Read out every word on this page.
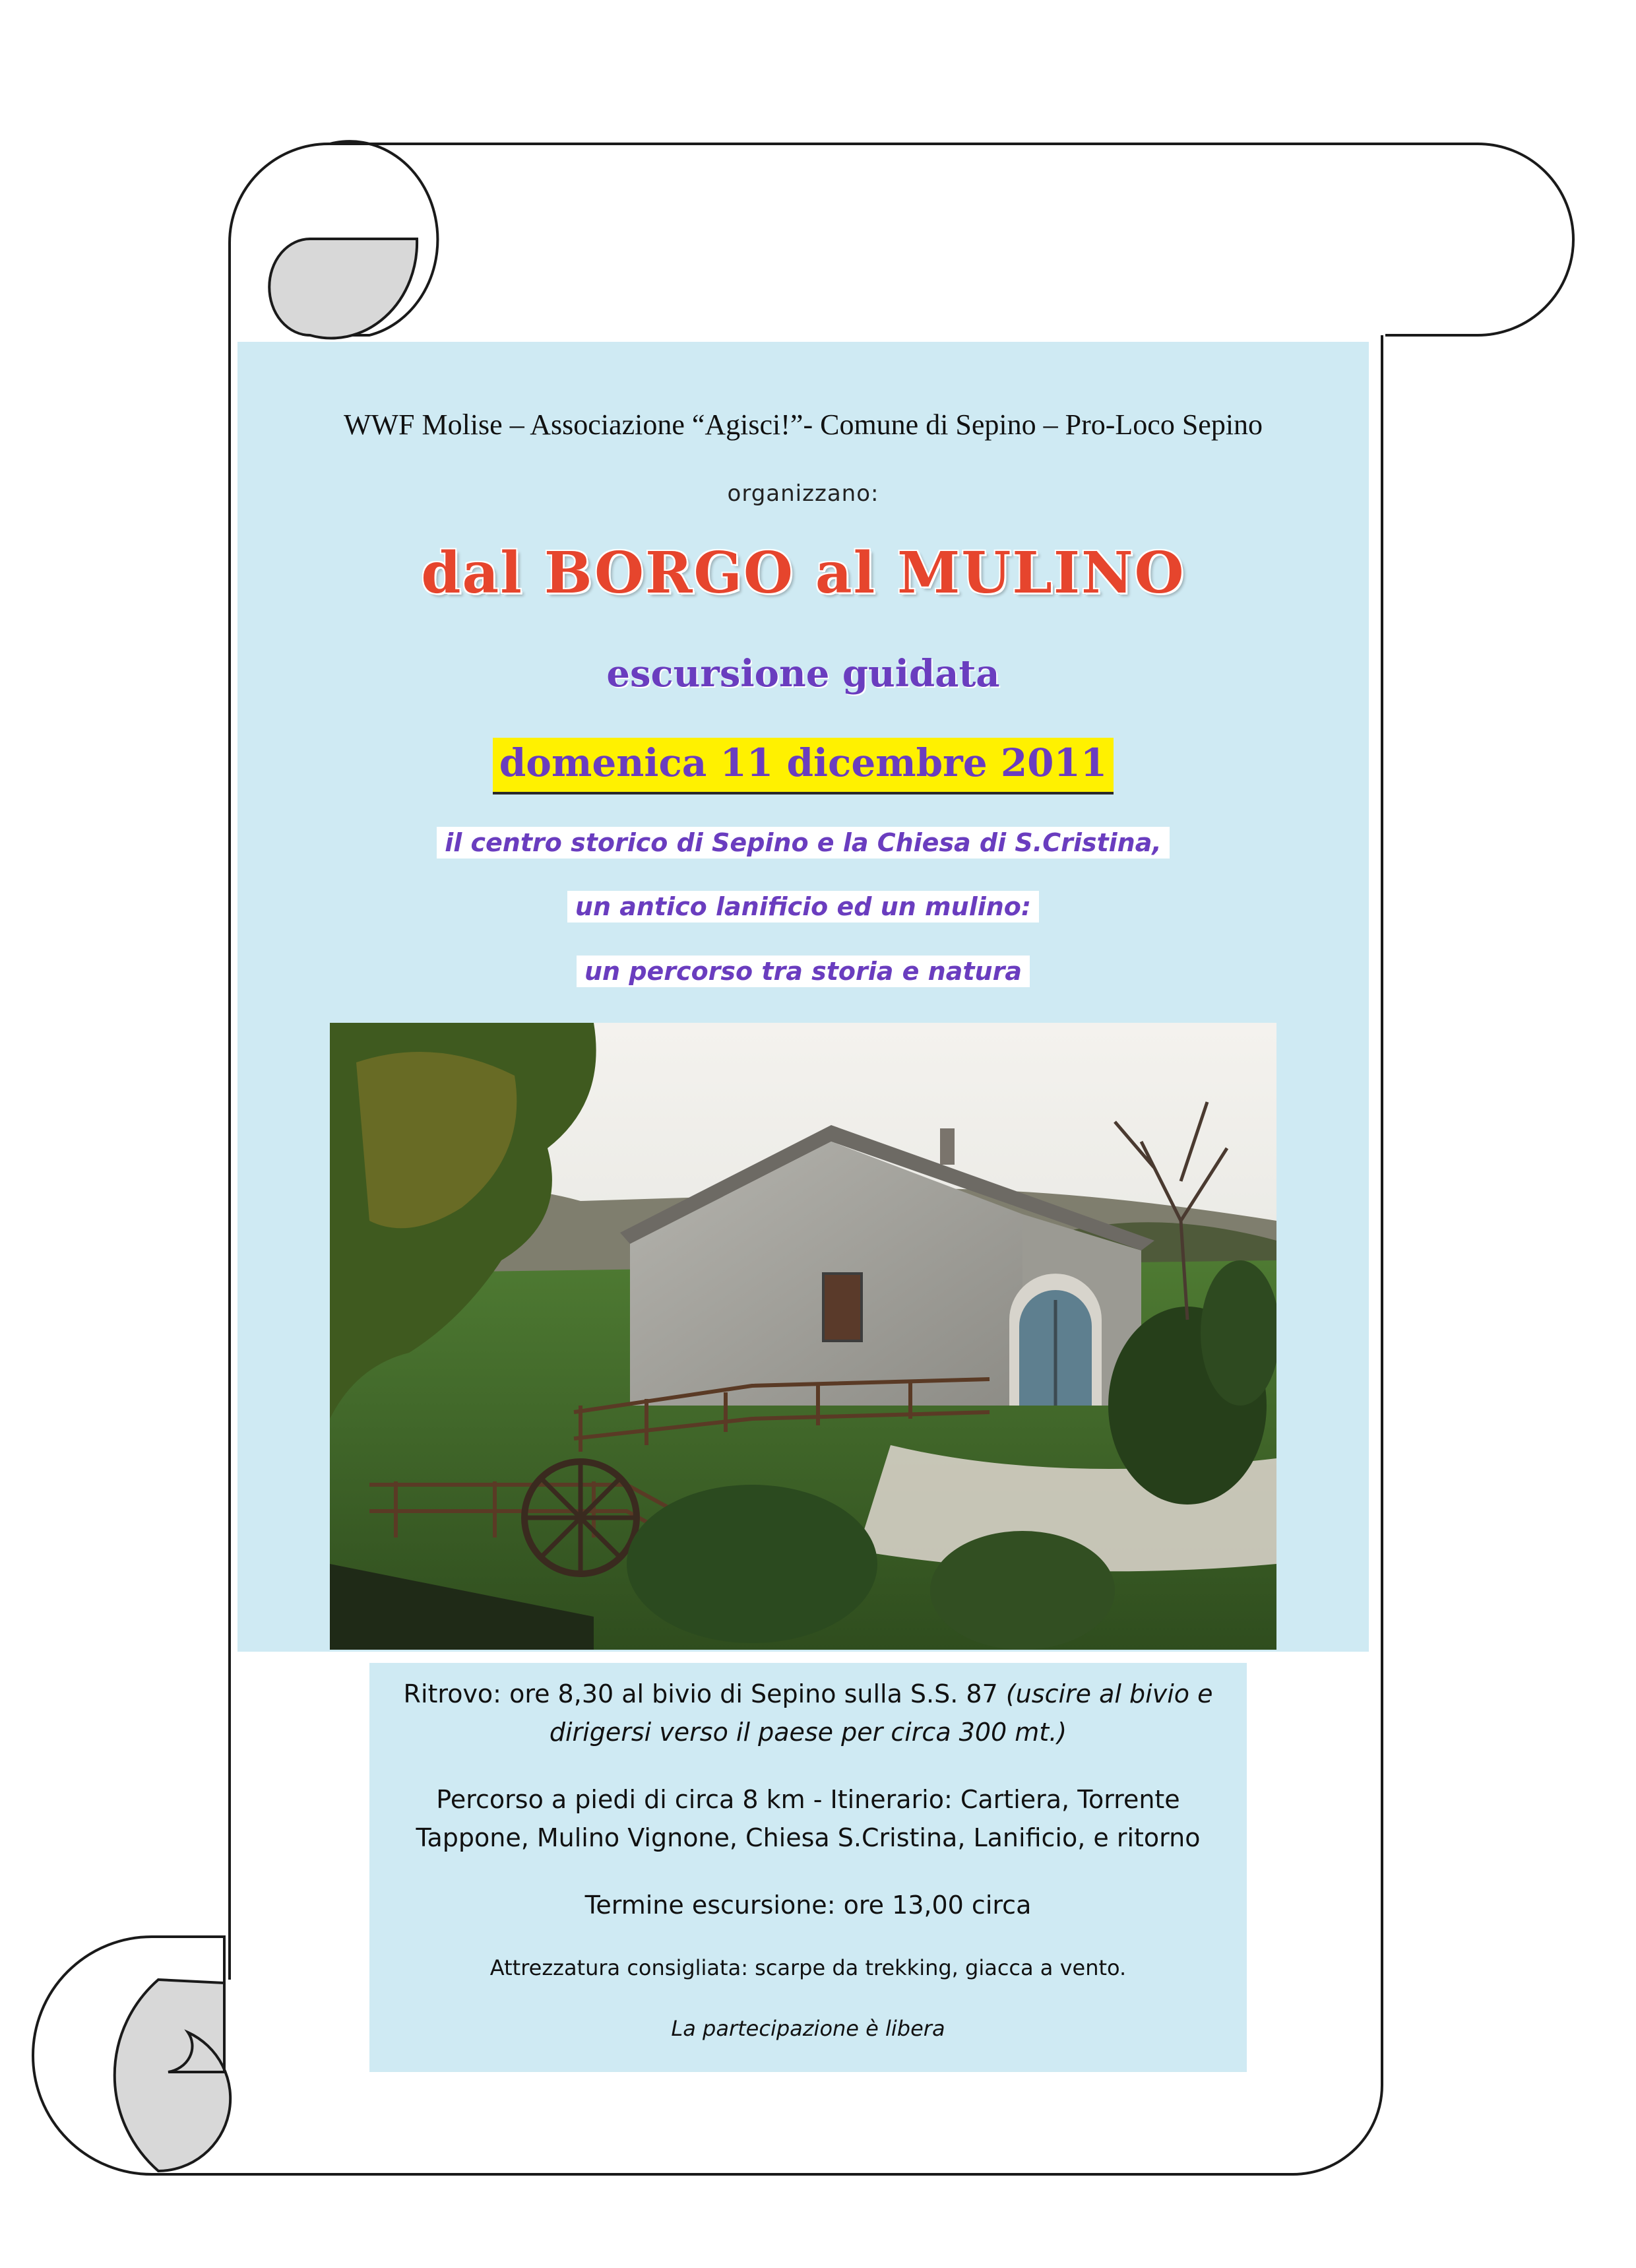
WWF Molise – Associazione “Agisci!”- Comune di Sepino – Pro-Loco Sepino
organizzano:
dal BORGO al MULINO
escursione guidata
domenica 11 dicembre 2011
il centro storico di Sepino e la Chiesa di S.Cristina,
un antico lanificio ed un mulino:
un percorso tra storia e natura
Ritrovo: ore 8,30 al bivio di Sepino sulla S.S. 87 (uscire al bivio e
dirigersi verso il paese per circa 300 mt.)
Percorso a piedi di circa 8 km - Itinerario: Cartiera, Torrente
Tappone, Mulino Vignone, Chiesa S.Cristina, Lanificio, e ritorno
Termine escursione: ore 13,00 circa
Attrezzatura consigliata: scarpe da trekking, giacca a vento.
La partecipazione è libera
